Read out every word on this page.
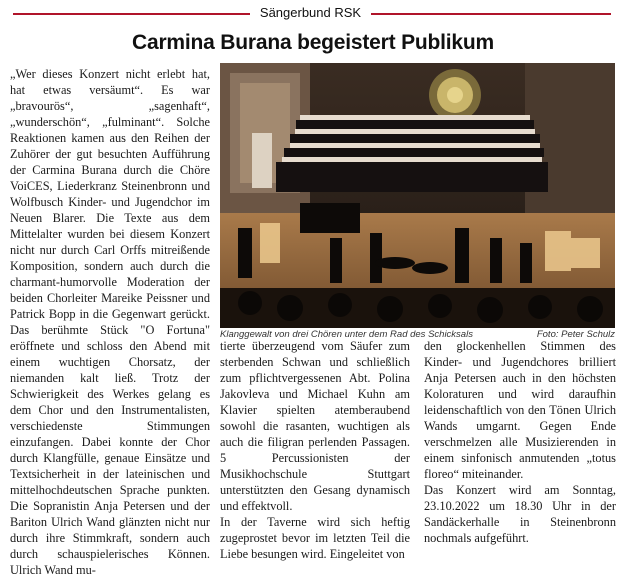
Sängerbund RSK
Carmina Burana begeistert Publikum

„Wer dieses Konzert nicht erlebt hat, hat etwas versäumt“. Es war „bravourös“, „sagenhaft“, „wunderschön“, „fulminant“. Solche Reaktionen kamen aus den Reihen der Zuhörer der gut besuchten Aufführung der Carmina Burana durch die Chöre VoiCES, Liederkranz Steinenbronn und Wolfbusch Kinder- und Jugendchor im Neuen Blarer. Die Texte aus dem Mittelalter wurden bei diesem Konzert nicht nur durch Carl Orffs mitreißende Komposition, sondern auch durch die charmant-humorvolle Moderation der beiden Chorleiter Mareike Peissner und Patrick Bopp in die Gegenwart gerückt. Das berühmte Stück "O Fortuna" eröffnete und schloss den Abend mit einem wuchtigen Chorsatz, der niemanden kalt ließ. Trotz der Schwierigkeit des Werkes gelang es dem Chor und den Instrumentalisten, verschiedenste Stimmungen einzufangen. Dabei konnte der Chor durch Klangfülle, genaue Einsätze und Textsicherheit in der lateinischen und mittelhochdeutschen Sprache punkten. Die Sopranistin Anja Petersen und der Bariton Ulrich Wand glänzten nicht nur durch ihre Stimmkraft, sondern auch durch schauspielerisches Können. Ulrich Wand mu-

Klanggewalt von drei Chören unter dem Rad des Schicksals	Foto: Peter Schulz

tierte überzeugend vom Säufer zum sterbenden Schwan und schließlich zum pflichtvergessenen Abt. Polina Jakovleva und Michael Kuhn am Klavier spielten atemberaubend sowohl die rasanten, wuchtigen als auch die filigran perlenden Passagen. 5 Percussionisten der Musikhochschule Stuttgart unterstützten den Gesang dynamisch und effektvoll.

In der Taverne wird sich heftig zugeprostet bevor im letzten Teil die Liebe besungen wird. Eingeleitet von

den glockenhellen Stimmen des Kinder- und Jugendchores brilliert Anja Petersen auch in den höchsten Koloraturen und wird daraufhin leidenschaftlich von den Tönen Ulrich Wands umgarnt. Gegen Ende verschmelzen alle Musizierenden in einem sinfonisch anmutenden „totus floreo“ miteinander.

Das Konzert wird am Sonntag, 23.10.2022 um 18.30 Uhr in der Sandäckerhalle in Steinenbronn nochmals aufgeführt.
